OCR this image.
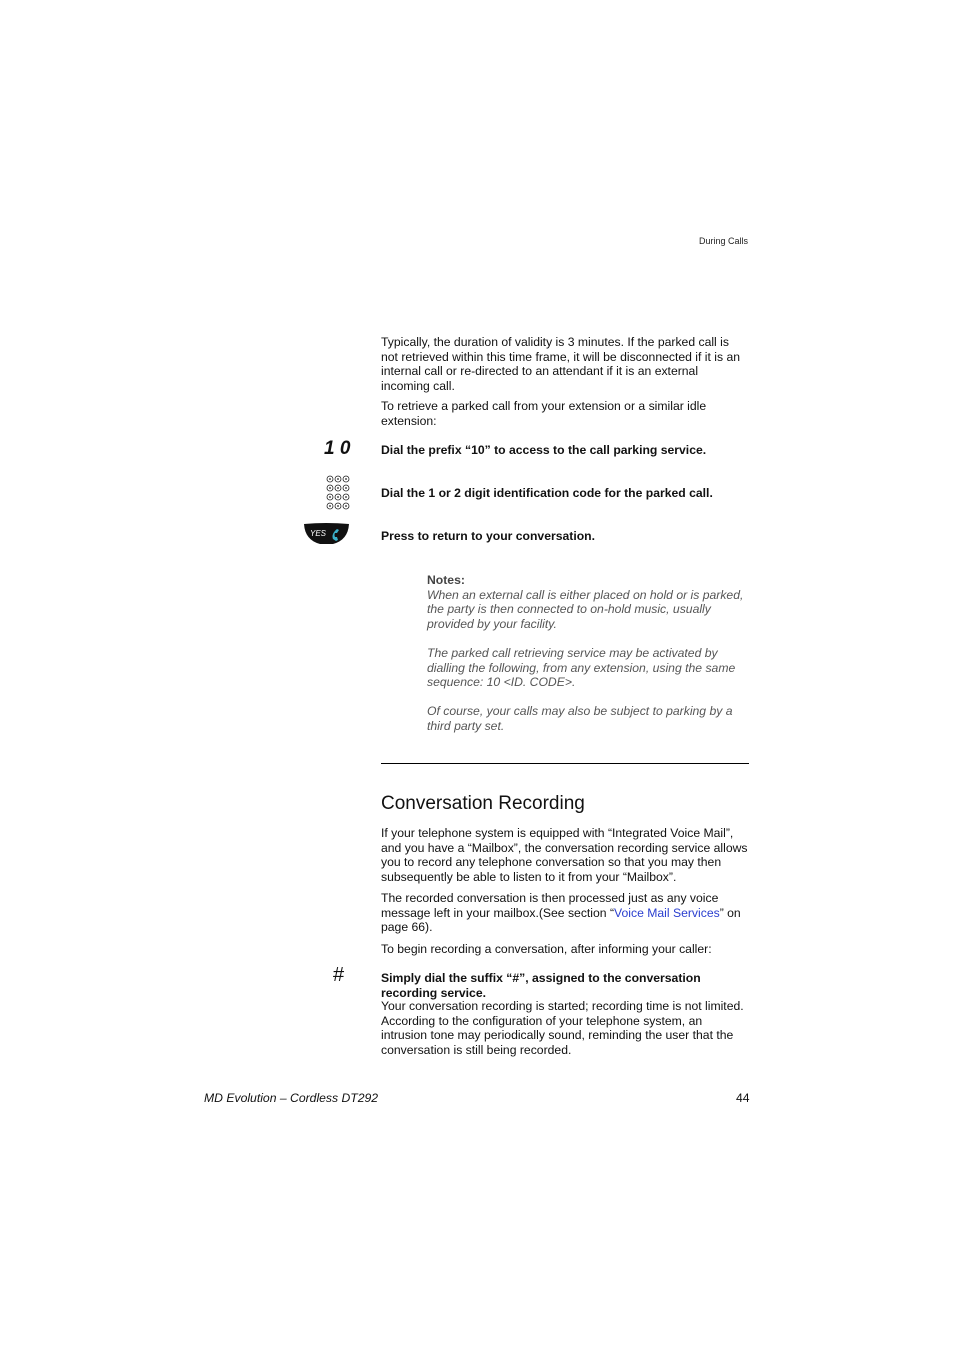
During Calls
Typically, the duration of validity is 3 minutes. If the parked call is not retrieved within this time frame, it will be disconnected if it is an internal call or re-directed to an attendant if it is an external incoming call.
To retrieve a parked call from your extension or a similar idle extension:
1 0	Dial the prefix “10” to access to the call parking service.
Dial the 1 or 2 digit identification code for the parked call.
YES	Press to return to your conversation.
Notes:

When an external call is either placed on hold or is parked, the party is then connected to on-hold music, usually provided by your facility.

The parked call retrieving service may be activated by dialling the following, from any extension, using the same sequence: 10 <ID. CODE>.

Of course, your calls may also be subject to parking by a third party set.

Conversation Recording
If your telephone system is equipped with “Integrated Voice Mail”, and you have a “Mailbox”, the conversation recording service allows you to record any telephone conversation so that you may then subsequently be able to listen to it from your “Mailbox”.
The recorded conversation is then processed just as any voice message left in your mailbox.(See section “Voice Mail Services” on page 66).
To begin recording a conversation, after informing your caller:
#	Simply dial the suffix “#”, assigned to the conversation recording service.
Your conversation recording is started; recording time is not limited. According to the configuration of your telephone system, an intrusion tone may periodically sound, reminding the user that the conversation is still being recorded.
MD Evolution – Cordless DT292	44
